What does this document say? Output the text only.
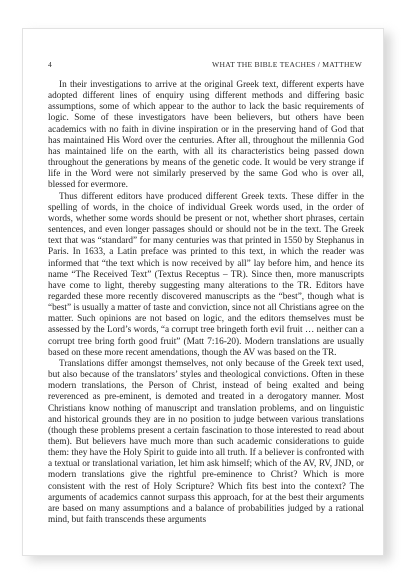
4	WHAT THE BIBLE TEACHES / MATTHEW

In their investigations to arrive at the original Greek text, different experts have adopted different lines of enquiry using different methods and differing basic assumptions, some of which appear to the author to lack the basic requirements of logic. Some of these investigators have been believers, but others have been academics with no faith in divine inspiration or in the preserving hand of God that has maintained His Word over the centuries. After all, throughout the millennia God has maintained life on the earth, with all its characteristics being passed down throughout the generations by means of the genetic code. It would be very strange if life in the Word were not similarly preserved by the same God who is over all, blessed for evermore.

Thus different editors have produced different Greek texts. These differ in the spelling of words, in the choice of individual Greek words used, in the order of words, whether some words should be present or not, whether short phrases, certain sentences, and even longer passages should or should not be in the text. The Greek text that was “standard” for many centuries was that printed in 1550 by Stephanus in Paris. In 1633, a Latin preface was printed to this text, in which the reader was informed that “the text which is now received by all” lay before him, and hence its name “The Received Text” (Textus Receptus – TR). Since then, more manuscripts have come to light, thereby suggesting many alterations to the TR. Editors have regarded these more recently discovered manuscripts as the “best”, though what is “best” is usually a matter of taste and conviction, since not all Christians agree on the matter. Such opinions are not based on logic, and the editors themselves must be assessed by the Lord’s words, “a corrupt tree bringeth forth evil fruit … neither can a corrupt tree bring forth good fruit” (Matt 7:16-20). Modern translations are usually based on these more recent amendations, though the AV was based on the TR.

Translations differ amongst themselves, not only because of the Greek text used, but also because of the translators’ styles and theological convictions. Often in these modern translations, the Person of Christ, instead of being exalted and being reverenced as pre-eminent, is demoted and treated in a derogatory manner. Most Christians know nothing of manuscript and translation problems, and on linguistic and historical grounds they are in no position to judge between various translations (though these problems present a certain fascination to those interested to read about them). But believers have much more than such academic considerations to guide them: they have the Holy Spirit to guide into all truth. If a believer is confronted with a textual or translational variation, let him ask himself; which of the AV, RV, JND, or modern translations give the rightful pre-eminence to Christ? Which is more consistent with the rest of Holy Scripture? Which fits best into the context? The arguments of academics cannot surpass this approach, for at the best their arguments are based on many assumptions and a balance of probabilities judged by a rational mind, but faith transcends these arguments
